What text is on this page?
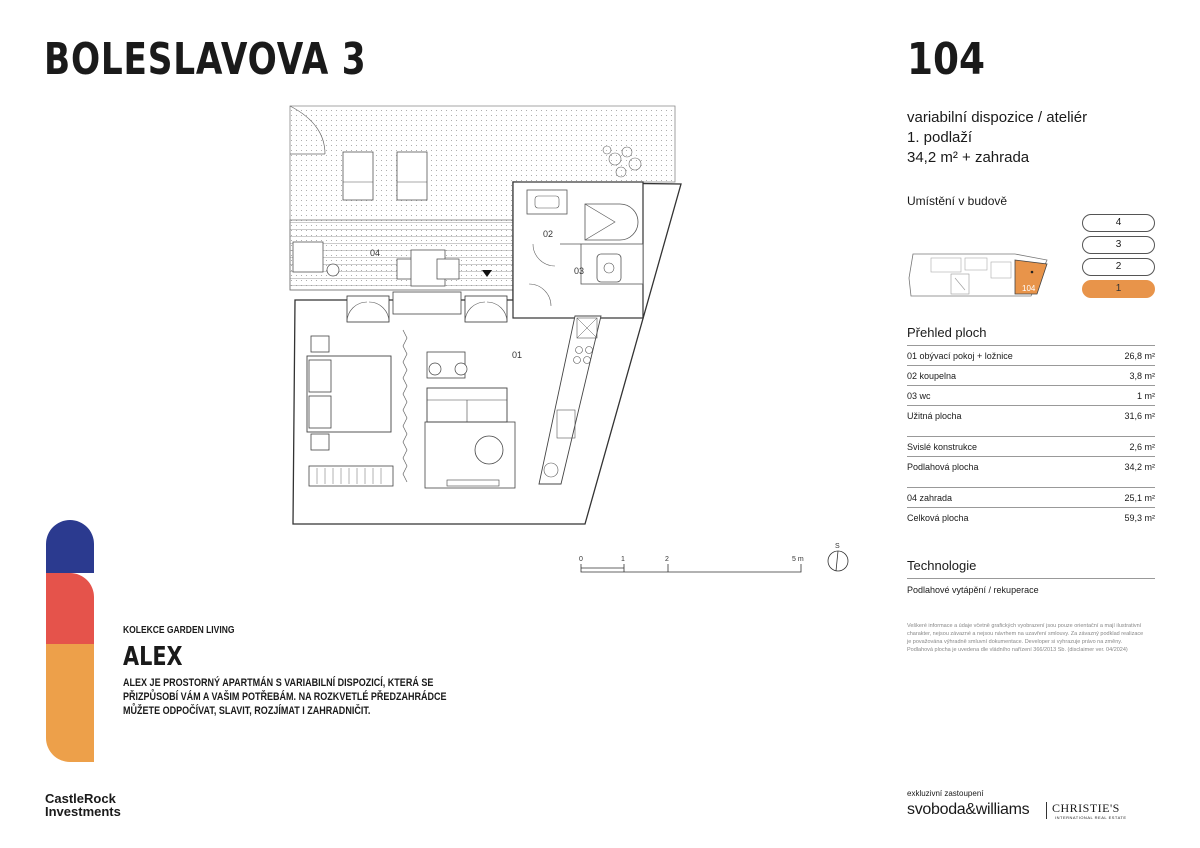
BOLESLAVOVA 3	104
variabilní dispozice / ateliér
1. podlaží
34,2 m² + zahrada
Umístění v budově
104
4
3
2
1
Přehled ploch
01 obývací pokoj + ložnice	26,8 m²
02 koupelna	3,8 m²
03 wc	1 m²
Užitná plocha	31,6 m²
Svislé konstrukce	2,6 m²
Podlahová plocha	34,2 m²
04 zahrada	25,1 m²
Celková plocha	59,3 m²
Technologie
Podlahové vytápění / rekuperace
Veškeré informace a údaje včetně grafických vyobrazení jsou pouze orientační a mají ilustrativní charakter, nejsou závazné a nejsou návrhem na uzavření smlouvy. Za závazný podklad realizace je považována výhradně smluvní dokumentace. Developer si vyhrazuje právo na změny. Podlahová plocha je uvedena dle vládního nařízení 366/2013 Sb. (disclaimer ver. 04/2024)
04
02
03
01
0	1	2	5 m
S
KOLEKCE GARDEN LIVING
ALEX
ALEX JE PROSTORNÝ APARTMÁN S VARIABILNÍ DISPOZICÍ, KTERÁ SE PŘIZPŮSOBÍ VÁM A VAŠIM POTŘEBÁM. NA ROZKVETLÉ PŘEDZAHRÁDCE MŮŽETE ODPOČÍVAT, SLAVIT, ROZJÍMAT I ZAHRADNIČIT.
CastleRock
Investments
exkluzivní zastoupení
svoboda&williams CHRISTIE'S
INTERNATIONAL REAL ESTATE
